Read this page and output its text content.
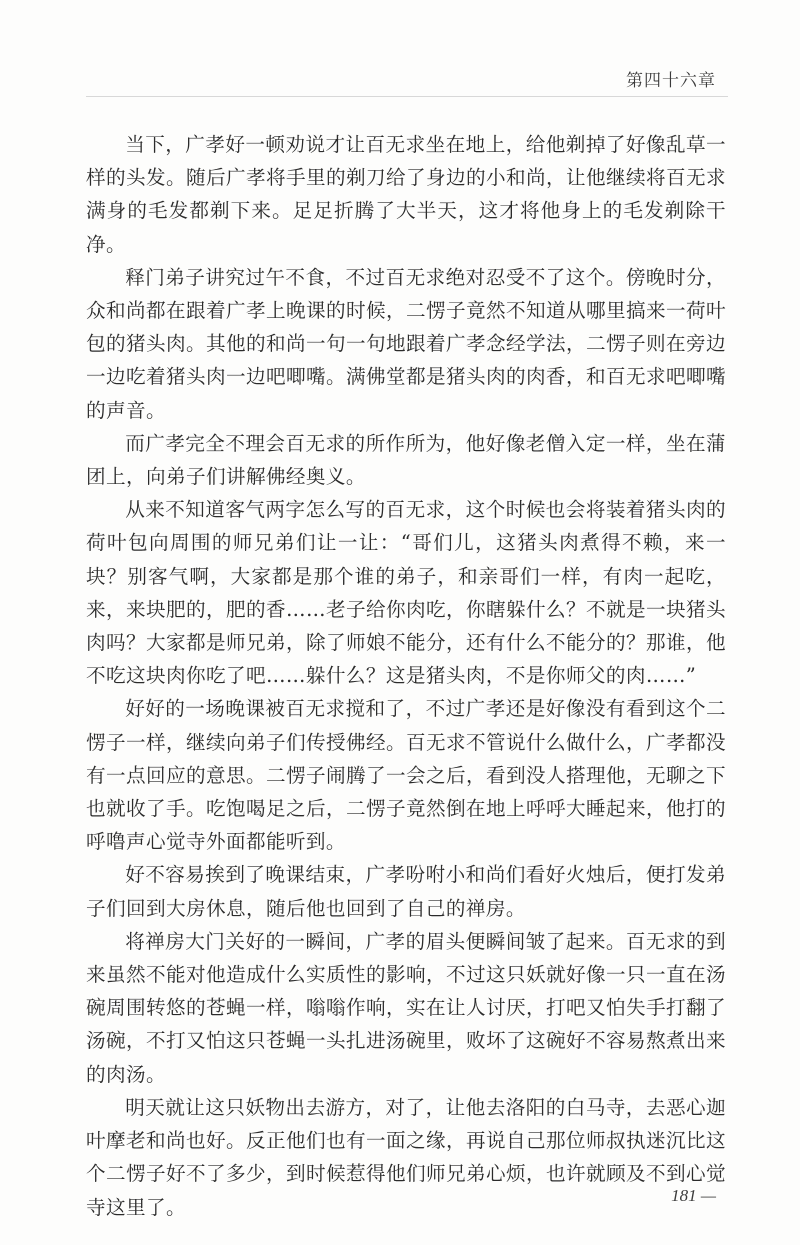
第四十六章

当下，广孝好一顿劝说才让百无求坐在地上，给他剃掉了好像乱草一样的头发。随后广孝将手里的剃刀给了身边的小和尚，让他继续将百无求满身的毛发都剃下来。足足折腾了大半天，这才将他身上的毛发剃除干净。

释门弟子讲究过午不食，不过百无求绝对忍受不了这个。傍晚时分，众和尚都在跟着广孝上晚课的时候，二愣子竟然不知道从哪里搞来一荷叶包的猪头肉。其他的和尚一句一句地跟着广孝念经学法，二愣子则在旁边一边吃着猪头肉一边吧唧嘴。满佛堂都是猪头肉的肉香，和百无求吧唧嘴的声音。

而广孝完全不理会百无求的所作所为，他好像老僧入定一样，坐在蒲团上，向弟子们讲解佛经奥义。

从来不知道客气两字怎么写的百无求，这个时候也会将装着猪头肉的荷叶包向周围的师兄弟们让一让：“哥们儿，这猪头肉煮得不赖，来一块？别客气啊，大家都是那个谁的弟子，和亲哥们一样，有肉一起吃，来，来块肥的，肥的香……老子给你肉吃，你瞎躲什么？不就是一块猪头肉吗？大家都是师兄弟，除了师娘不能分，还有什么不能分的？那谁，他不吃这块肉你吃了吧……躲什么？这是猪头肉，不是你师父的肉……”

好好的一场晚课被百无求搅和了，不过广孝还是好像没有看到这个二愣子一样，继续向弟子们传授佛经。百无求不管说什么做什么，广孝都没有一点回应的意思。二愣子闹腾了一会之后，看到没人搭理他，无聊之下也就收了手。吃饱喝足之后，二愣子竟然倒在地上呼呼大睡起来，他打的呼噜声心觉寺外面都能听到。

好不容易挨到了晚课结束，广孝吩咐小和尚们看好火烛后，便打发弟子们回到大房休息，随后他也回到了自己的禅房。

将禅房大门关好的一瞬间，广孝的眉头便瞬间皱了起来。百无求的到来虽然不能对他造成什么实质性的影响，不过这只妖就好像一只一直在汤碗周围转悠的苍蝇一样，嗡嗡作响，实在让人讨厌，打吧又怕失手打翻了汤碗，不打又怕这只苍蝇一头扎进汤碗里，败坏了这碗好不容易熬煮出来的肉汤。

明天就让这只妖物出去游方，对了，让他去洛阳的白马寺，去恶心迦叶摩老和尚也好。反正他们也有一面之缘，再说自己那位师叔执迷沉比这个二愣子好不了多少，到时候惹得他们师兄弟心烦，也许就顾及不到心觉寺这里了。	181 —
